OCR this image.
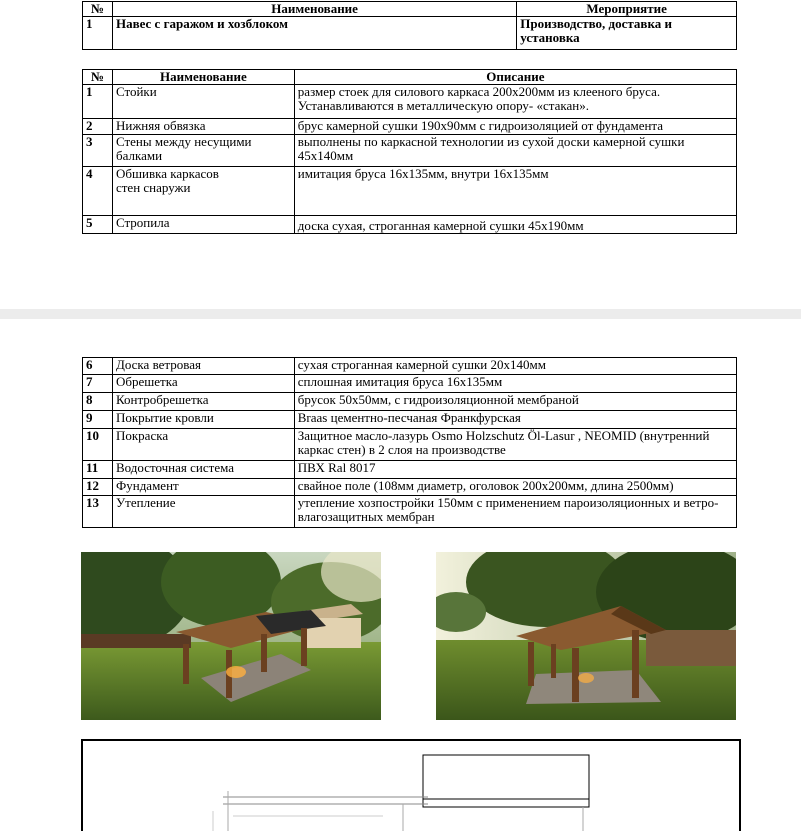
№	Наименование	Мероприятие
1	Навес с гаражом и хозблоком	Производство, доставка и установка
№	Наименование	Описание
1	Стойки	размер стоек для силового каркаса 200х200мм из клееного бруса. Устанавливаются в металлическую опору- «стакан».
2	Нижняя обвязка	брус камерной сушки 190х90мм с гидроизоляцией от фундамента
3	Стены между несущими балками	выполнены по каркасной технологии из сухой доски камерной сушки 45х140мм
4	Обшивка каркасов стен снаружи	имитация бруса 16х135мм, внутри 16х135мм
5	Стропила	доска сухая, строганная камерной сушки 45х190мм
6	Доска ветровая	сухая строганная камерной сушки 20х140мм
7	Обрешетка	сплошная имитация бруса 16х135мм
8	Контробрешетка	брусок 50х50мм, с гидроизоляционной мембраной
9	Покрытие кровли	Braas цементно-песчаная Франкфурская
10	Покраска	Защитное масло-лазурь Osmo Holzschutz Öl-Lasur , NEOMID (внутренний каркас стен) в 2 слоя на производстве
11	Водосточная система	ПВХ Ral 8017
12	Фундамент	свайное поле (108мм диаметр, оголовок 200х200мм, длина 2500мм)
13	Утепление	утепление хозпостройки 150мм с применением пароизоляционных и ветро-влагозащитных мембран
